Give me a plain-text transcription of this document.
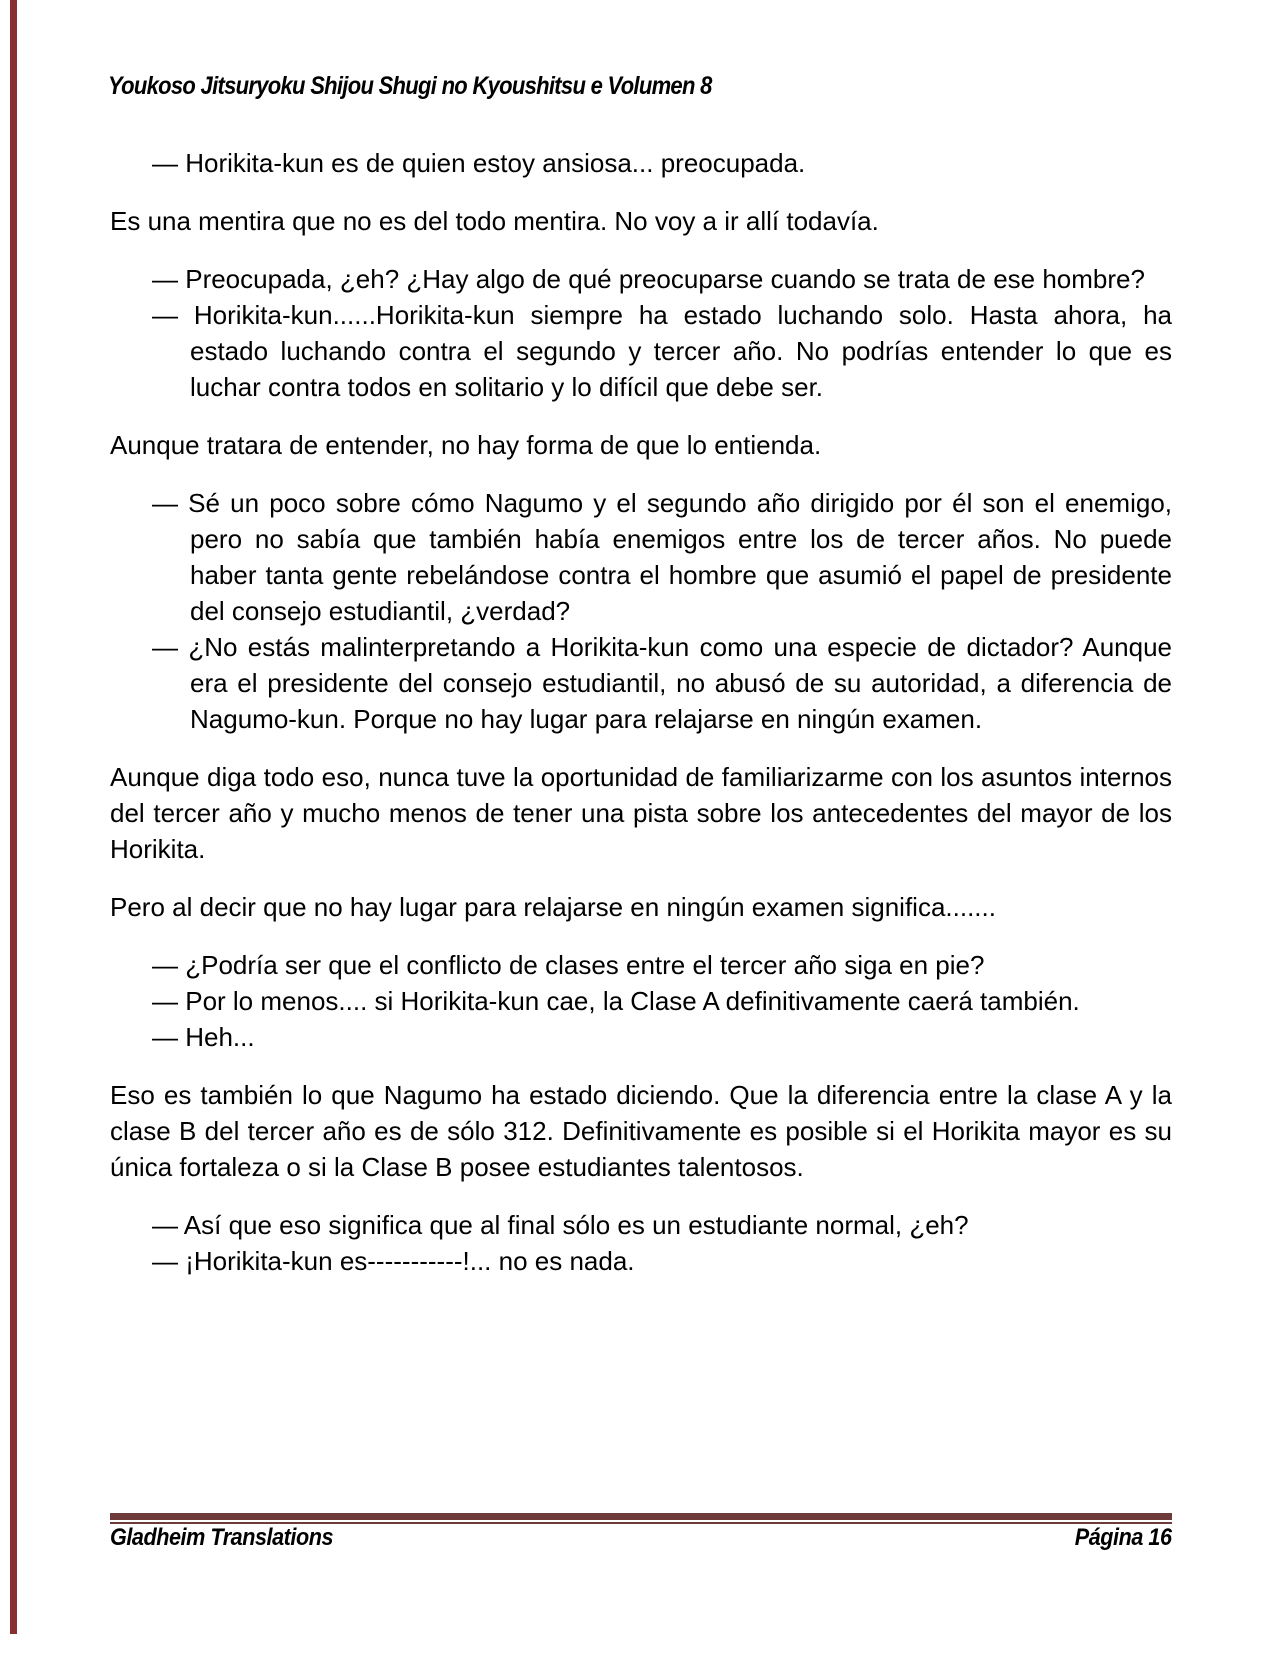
Youkoso Jitsuryoku Shijou Shugi no Kyoushitsu e Volumen 8
— Horikita-kun es de quien estoy ansiosa... preocupada.
Es una mentira que no es del todo mentira. No voy a ir allí todavía.
— Preocupada, ¿eh? ¿Hay algo de qué preocuparse cuando se trata de ese hombre?
— Horikita-kun......Horikita-kun siempre ha estado luchando solo. Hasta ahora, ha estado luchando contra el segundo y tercer año. No podrías entender lo que es luchar contra todos en solitario y lo difícil que debe ser.
Aunque tratara de entender, no hay forma de que lo entienda.
— Sé un poco sobre cómo Nagumo y el segundo año dirigido por él son el enemigo, pero no sabía que también había enemigos entre los de tercer años. No puede haber tanta gente rebelándose contra el hombre que asumió el papel de presidente del consejo estudiantil, ¿verdad?
— ¿No estás malinterpretando a Horikita-kun como una especie de dictador? Aunque era el presidente del consejo estudiantil, no abusó de su autoridad, a diferencia de Nagumo-kun. Porque no hay lugar para relajarse en ningún examen.
Aunque diga todo eso, nunca tuve la oportunidad de familiarizarme con los asuntos internos del tercer año y mucho menos de tener una pista sobre los antecedentes del mayor de los Horikita.
Pero al decir que no hay lugar para relajarse en ningún examen significa.......
— ¿Podría ser que el conflicto de clases entre el tercer año siga en pie?
— Por lo menos.... si Horikita-kun cae, la Clase A definitivamente caerá también.
— Heh...
Eso es también lo que Nagumo ha estado diciendo. Que la diferencia entre la clase A y la clase B del tercer año es de sólo 312. Definitivamente es posible si el Horikita mayor es su única fortaleza o si la Clase B posee estudiantes talentosos.
— Así que eso significa que al final sólo es un estudiante normal, ¿eh?
— ¡Horikita-kun es-----------!... no es nada.
Gladheim Translations	Página 16
